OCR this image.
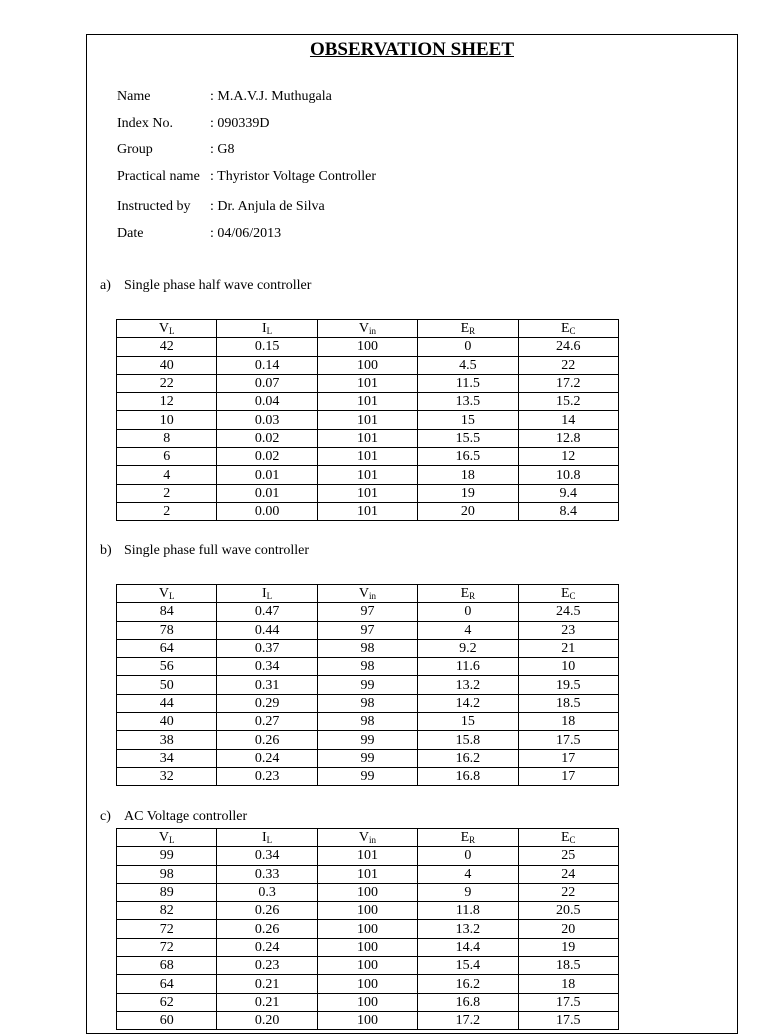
OBSERVATION SHEET
Name	: M.A.V.J. Muthugala
Index No.	: 090339D
Group	: G8
Practical name : Thyristor Voltage Controller
Instructed by : Dr. Anjula de Silva
Date	: 04/06/2013
a) Single phase half wave controller
$V_L$	$I_L$	$V_{in}$	$E_R$	$E_C$
42	0.15	100	0	24.6
40	0.14	100	4.5	22
22	0.07	101	11.5	17.2
12	0.04	101	13.5	15.2
10	0.03	101	15	14
8	0.02	101	15.5	12.8
6	0.02	101	16.5	12
4	0.01	101	18	10.8
2	0.01	101	19	9.4
2	0.00	101	20	8.4
b) Single phase full wave controller
$V_L$	$I_L$	$V_{in}$	$E_R$	$E_C$
84	0.47	97	0	24.5
78	0.44	97	4	23
64	0.37	98	9.2	21
56	0.34	98	11.6	10
50	0.31	99	13.2	19.5
44	0.29	98	14.2	18.5
40	0.27	98	15	18
38	0.26	99	15.8	17.5
34	0.24	99	16.2	17
32	0.23	99	16.8	17
c) AC Voltage controller
$V_L$	$I_L$	$V_{in}$	$E_R$	$E_C$
99	0.34	101	0	25
98	0.33	101	4	24
89	0.3	100	9	22
82	0.26	100	11.8	20.5
72	0.26	100	13.2	20
72	0.24	100	14.4	19
68	0.23	100	15.4	18.5
64	0.21	100	16.2	18
62	0.21	100	16.8	17.5
60	0.20	100	17.2	17.5
